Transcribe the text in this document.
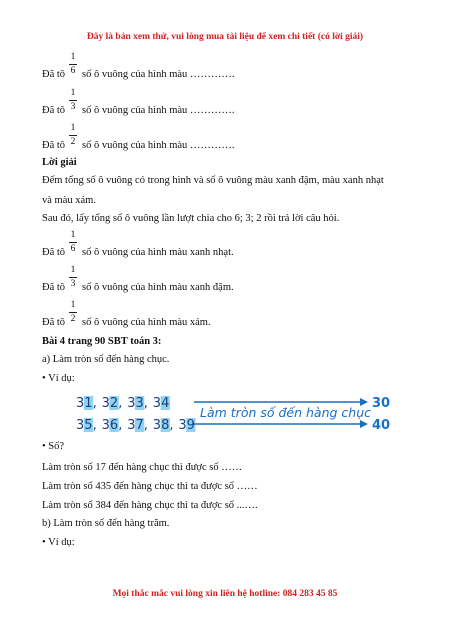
Đây là bản xem thử, vui lòng mua tài liệu để xem chi tiết (có lời giải)
Đã tô
1
6 số ô vuông của hình màu ………….
Đã tô
1
3 số ô vuông của hình màu ………….
Đã tô
1
2 số ô vuông của hình màu ………….
Lời giải
Đếm tổng số ô vuông có trong hình và số ô vuông màu xanh đậm, màu xanh nhạt
và màu xám.
Sau đó, lấy tổng số ô vuông lần lượt chia cho 6; 3; 2 rồi trả lời câu hỏi.
Đã tô
1
6 số ô vuông của hình màu xanh nhạt.
Đã tô
1
3 số ô vuông của hình màu xanh đậm.
Đã tô
1
2 số ô vuông của hình màu xám.
Bài 4 trang 90 SBT toán 3:
a) Làm tròn số đến hàng chục.
• Ví dụ:
31 , 32 , 33 , 34
35 , 36 , 37 , 38 , 39
Làm tròn số đến hàng chục
30
40
• Số?
Làm tròn số 17 đến hàng chục thì được số ……
Làm tròn số 435 đến hàng chục thì ta được số ……
Làm tròn số 384 đến hàng chục thì ta được số ...….
b) Làm tròn số đến hàng trăm.
• Ví dụ:
Mọi thắc mắc vui lòng xin liên hệ hotline: 084 283 45 85
